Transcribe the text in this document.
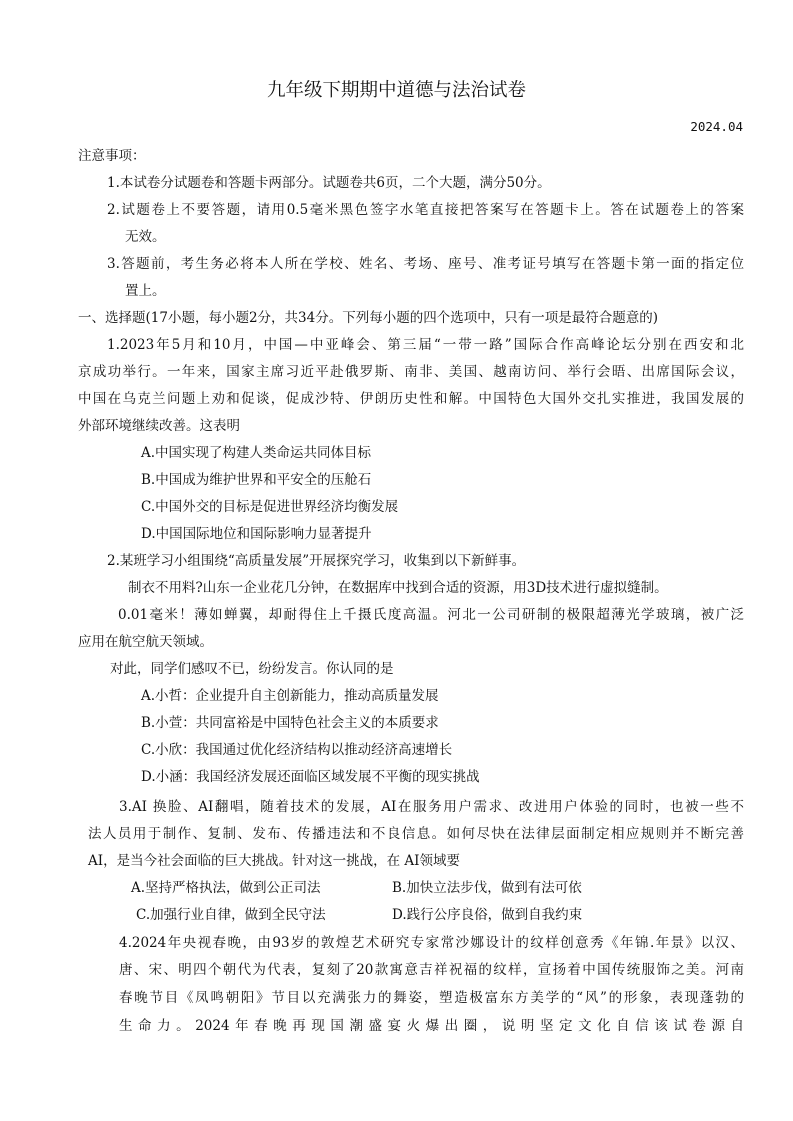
九年级下期期中道德与法治试卷
2024.04
注意事项：
1.本试卷分试题卷和答题卡两部分。试题卷共6页，二个大题，满分50分。
2.试题卷上不要答题，请用0.5毫米黑色签字水笔直接把答案写在答题卡上。答在试题卷上的答案
无效。
3.答题前，考生务必将本人所在学校、姓名、考场、座号、准考证号填写在答题卡第一面的指定位
置上。
一、选择题(17小题，每小题2分，共34分。下列每小题的四个选项中，只有一项是最符合题意的)
1.2023年5月和10月，中国—中亚峰会、第三届“一带一路”国际合作高峰论坛分别在西安和北
京成功举行。一年来，国家主席习近平赴俄罗斯、南非、美国、越南访问、举行会晤、出席国际会议，
中国在乌克兰问题上劝和促谈，促成沙特、伊朗历史性和解。中国特色大国外交扎实推进，我国发展的
外部环境继续改善。这表明
A.中国实现了构建人类命运共同体目标
B.中国成为维护世界和平安全的压舱石
C.中国外交的目标是促进世界经济均衡发展
D.中国国际地位和国际影响力显著提升
2.某班学习小组围绕“高质量发展”开展探究学习，收集到以下新鲜事。
制衣不用料?山东一企业花几分钟，在数据库中找到合适的资源，用3D技术进行虚拟缝制。
0.01毫米！薄如蝉翼，却耐得住上千摄氏度高温。河北一公司研制的极限超薄光学玻璃，被广泛
应用在航空航天领域。
对此，同学们感叹不已，纷纷发言。你认同的是
A.小哲：企业提升自主创新能力，推动高质量发展
B.小萱：共同富裕是中国特色社会主义的本质要求
C.小欣：我国通过优化经济结构以推动经济高速增长
D.小涵：我国经济发展还面临区域发展不平衡的现实挑战
3.AI 换脸、AI翻唱，随着技术的发展，AI在服务用户需求、改进用户体验的同时，也被一些不
法人员用于制作、复制、发布、传播违法和不良信息。如何尽快在法律层面制定相应规则并不断完善
AI，是当今社会面临的巨大挑战。针对这一挑战，在 AI领域要
A.坚持严格执法，做到公正司法	B.加快立法步伐，做到有法可依
C.加强行业自律，做到全民守法	D.践行公序良俗，做到自我约束
4.2024年央视春晚，由93岁的敦煌艺术研究专家常沙娜设计的纹样创意秀《年锦.年景》以汉、
唐、宋、明四个朝代为代表，复刻了20款寓意吉祥祝福的纹样，宣扬着中国传统服饰之美。河南
春晚节目《凤鸣朝阳》节目以充满张力的舞姿，塑造极富东方美学的“风”的形象，表现蓬勃的
生命力。2024年春晚再现国潮盛宴火爆出圈，说明坚定文化自信该试卷源自
